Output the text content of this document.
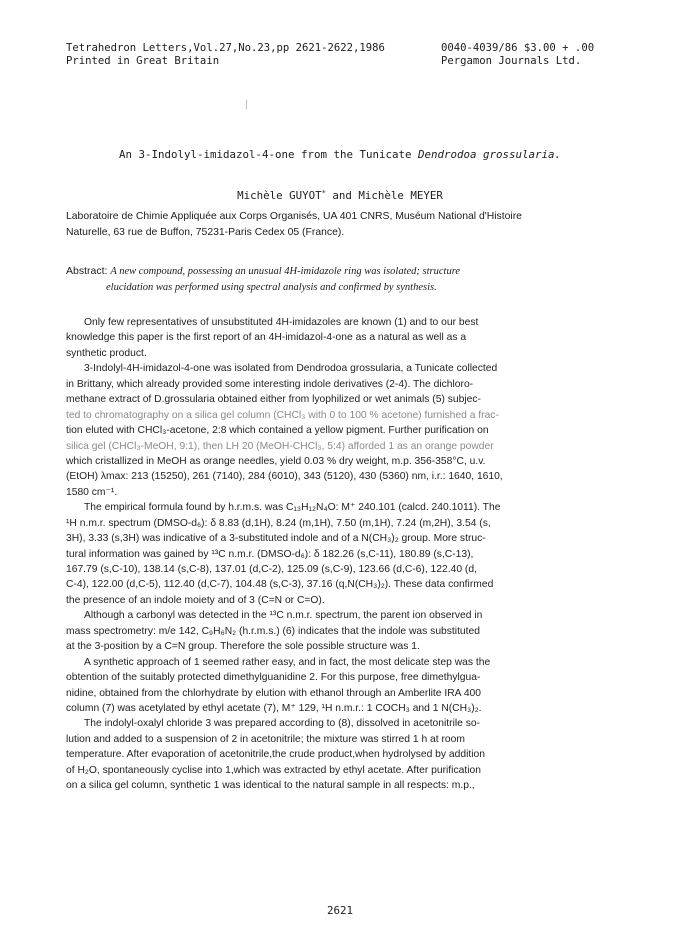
Tetrahedron Letters,Vol.27,No.23,pp 2621-2622,1986
Printed in Great Britain
0040-4039/86 $3.00 + .00
Pergamon Journals Ltd.
An 3-Indolyl-imidazol-4-one from the Tunicate Dendrodoa grossularia.
Michèle GUYOT* and Michèle MEYER
Laboratoire de Chimie Appliquée aux Corps Organisés, UA 401 CNRS, Muséum National d'Histoire
Naturelle, 63 rue de Buffon, 75231-Paris Cedex 05 (France).
Abstract: A new compound, possessing an unusual 4H-imidazole ring was isolated; structure
elucidation was performed using spectral analysis and confirmed by synthesis.
Only few representatives of unsubstituted 4H-imidazoles are known (1) and to our best
knowledge this paper is the first report of an 4H-imidazol-4-one as a natural as well as a
synthetic product.
3-Indolyl-4H-imidazol-4-one was isolated from Dendrodoa grossularia, a Tunicate collected
in Brittany, which already provided some interesting indole derivatives (2-4). The dichloro-
methane extract of D.grossularia obtained either from lyophilized or wet animals (5) subjec-
ted to chromatography on a silica gel column (CHCl₃ with 0 to 100 % acetone) furnished a frac-
tion eluted with CHCl₃-acetone, 2:8 which contained a yellow pigment. Further purification on
silica gel (CHCl₃-MeOH, 9:1), then LH 20 (MeOH-CHCl₃, 5:4) afforded 1 as an orange powder
which cristallized in MeOH as orange needles, yield 0.03 % dry weight, m.p. 356-358°C, u.v.
(EtOH) λmax: 213 (15250), 261 (7140), 284 (6010), 343 (5120), 430 (5360) nm, i.r.: 1640, 1610,
1580 cm⁻¹.
The empirical formula found by h.r.m.s. was C₁₃H₁₂N₄O: M⁺ 240.101 (calcd. 240.1011). The
¹H n.m.r. spectrum (DMSO-d₆): δ 8.83 (d,1H), 8.24 (m,1H), 7.50 (m,1H), 7.24 (m,2H), 3.54 (s,
3H), 3.33 (s,3H) was indicative of a 3-substituted indole and of a N(CH₃)₂ group. More struc-
tural information was gained by ¹³C n.m.r. (DMSO-d₆): δ 182.26 (s,C-11), 180.89 (s,C-13),
167.79 (s,C-10), 138.14 (s,C-8), 137.01 (d,C-2), 125.09 (s,C-9), 123.66 (d,C-6), 122.40 (d,
C-4), 122.00 (d,C-5), 112.40 (d,C-7), 104.48 (s,C-3), 37.16 (q,N(CH₃)₂). These data confirmed
the presence of an indole moiety and of 3 (C=N or C=O).
Although a carbonyl was detected in the ¹³C n.m.r. spectrum, the parent ion observed in
mass spectrometry: m/e 142, C₉H₆N₂ (h.r.m.s.) (6) indicates that the indole was substituted
at the 3-position by a C=N group. Therefore the sole possible structure was 1.
A synthetic approach of 1 seemed rather easy, and in fact, the most delicate step was the
obtention of the suitably protected dimethylguanidine 2. For this purpose, free dimethylgua-
nidine, obtained from the chlorhydrate by elution with ethanol through an Amberlite IRA 400
column (7) was acetylated by ethyl acetate (7), M⁺ 129, ¹H n.m.r.: 1 COCH₃ and 1 N(CH₃)₂.
The indolyl-oxalyl chloride 3 was prepared according to (8), dissolved in acetonitrile so-
lution and added to a suspension of 2 in acetonitrile; the mixture was stirred 1 h at room
temperature. After evaporation of acetonitrile,the crude product,when hydrolysed by addition
of H₂O, spontaneously cyclise into 1,which was extracted by ethyl acetate. After purification
on a silica gel column, synthetic 1 was identical to the natural sample in all respects: m.p.,
2621
